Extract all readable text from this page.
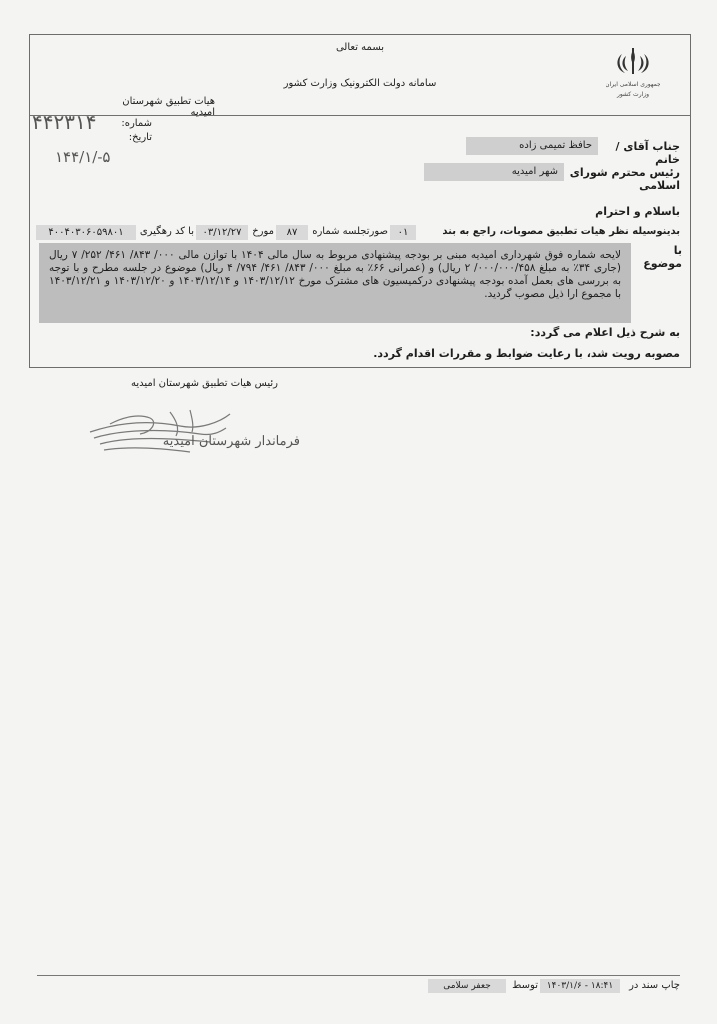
بسمه تعالی
سامانه دولت الکترونیک وزارت کشور
هیات تطبیق شهرستان امیدیه
جمهوری اسلامی ایران
وزارت کشور
شماره:
تاریخ:
۴۴۲۳۱۴
۱۴۴/۱/-۵
جناب آقای / خانم
حافظ تمیمی زاده
رئیس محترم شورای اسلامی
شهر امیدیه
باسلام و احترام
بدینوسیله نظر هیات تطبیق مصوبات، راجع به بند
۰۱
صورتجلسه شماره
۸۷
مورخ
۰۳/۱۲/۲۷
با کد رهگیری
۴۰۰۴۰۳۰۶۰۵۹۸۰۱
با موضوع
لایحه شماره فوق شهرداری امیدیه مبنی بر بودجه پیشنهادی مربوط به سال مالی ۱۴۰۴ با توازن مالی ۰۰۰/ ۸۴۳/ ۴۶۱/ ۲۵۲/ ۷ ریال (جاری ۳۴٪ به مبلغ ۰۰۰/۰۰۰/۴۵۸/ ۲ ریال) و (عمرانی ۶۶٪ به مبلغ ۰۰۰/ ۸۴۳/ ۴۶۱/ ۷۹۴/ ۴ ریال) موضوع در جلسه مطرح و با توجه به بررسی های بعمل آمده بودجه پیشنهادی درکمیسیون های مشترک مورخ ۱۴۰۳/۱۲/۱۲ و ۱۴۰۳/۱۲/۱۴ و ۱۴۰۳/۱۲/۲۰ و ۱۴۰۳/۱۲/۲۱ با مجموع ارا ذیل مصوب گردید.
به شرح ذیل اعلام می گردد:
مصوبه رویت شد، با رعایت ضوابط و مقررات اقدام گردد.
رئیس هیات تطبیق شهرستان امیدیه
فرماندار شهرستان امیدیه
چاپ سند در
۱۴۰۳/۱/۶ - ۱۸:۴۱
توسط
جعفر سلامی
